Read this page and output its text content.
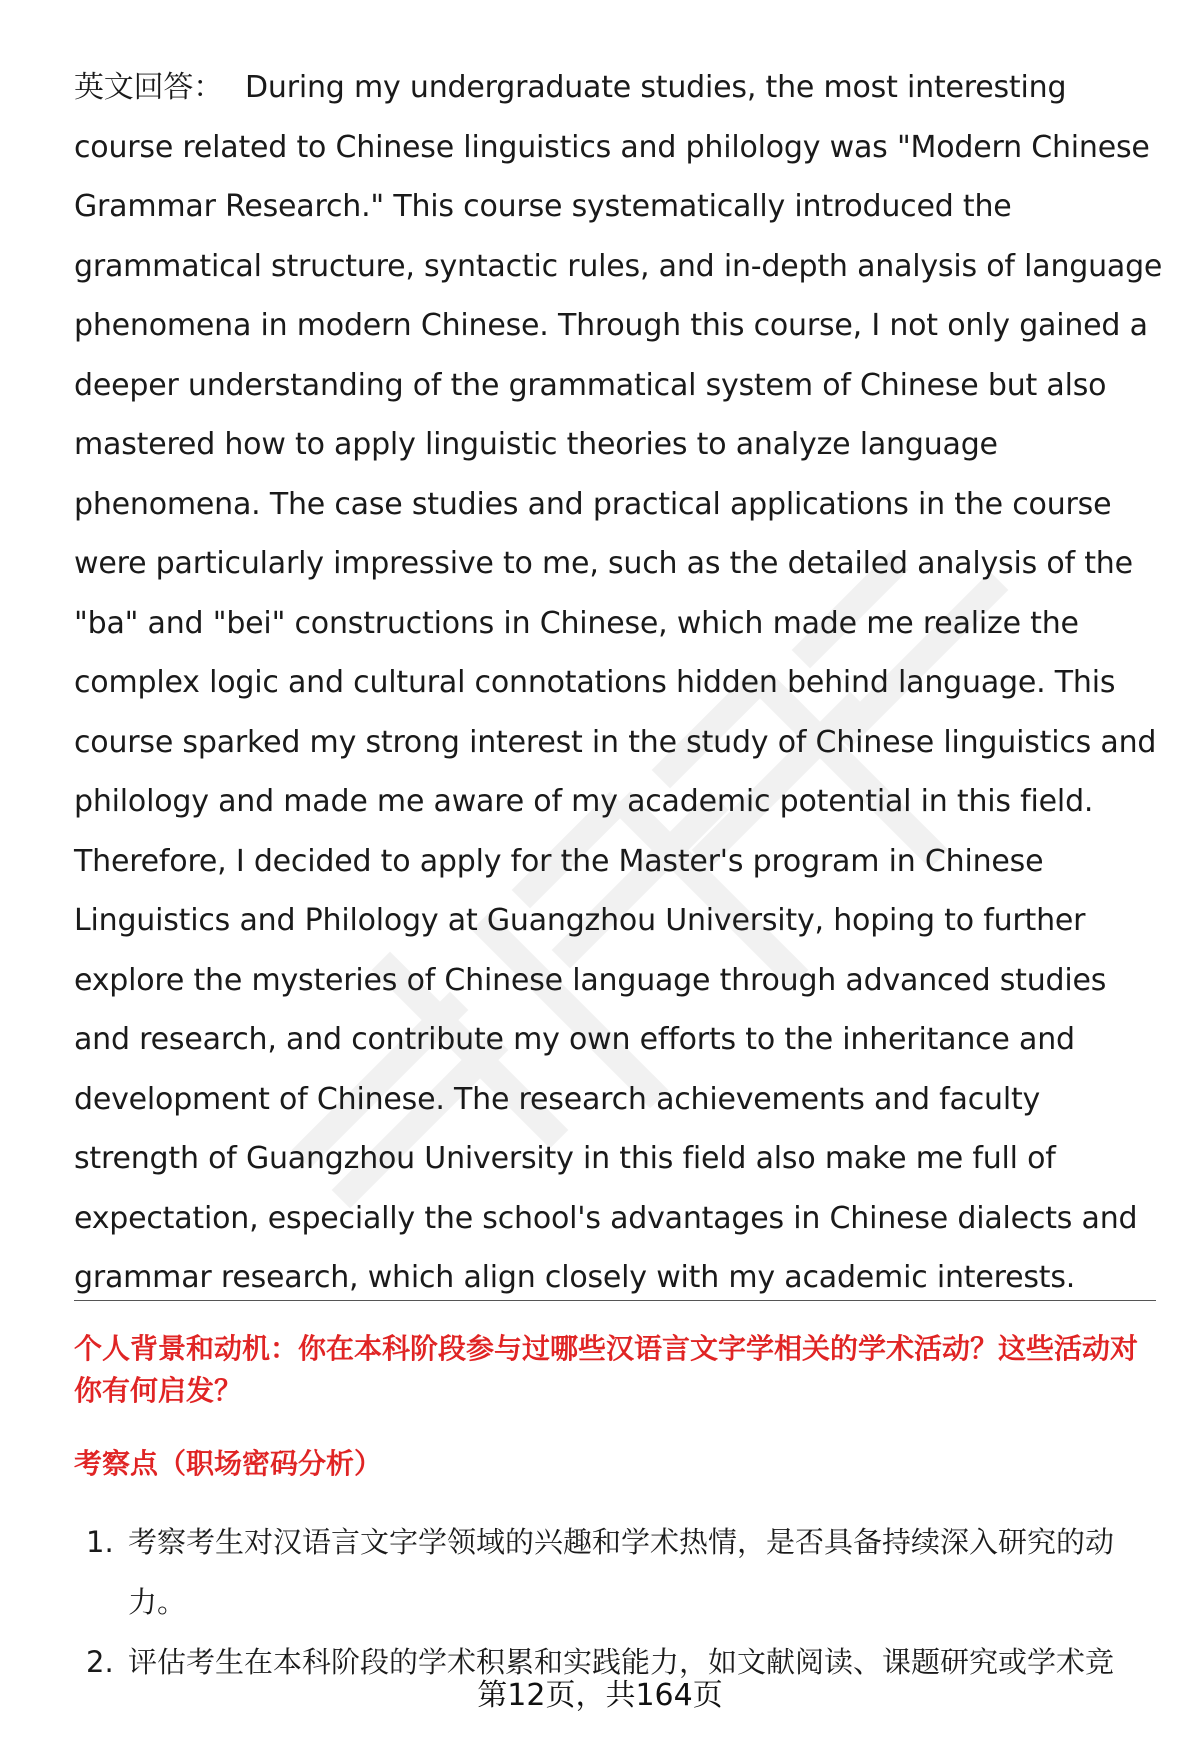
英文回答： During my undergraduate studies, the most interesting course related to Chinese linguistics and philology was "Modern Chinese Grammar Research." This course systematically introduced the grammatical structure, syntactic rules, and in-depth analysis of language phenomena in modern Chinese. Through this course, I not only gained a deeper understanding of the grammatical system of Chinese but also mastered how to apply linguistic theories to analyze language phenomena. The case studies and practical applications in the course were particularly impressive to me, such as the detailed analysis of the "ba" and "bei" constructions in Chinese, which made me realize the complex logic and cultural connotations hidden behind language. This course sparked my strong interest in the study of Chinese linguistics and philology and made me aware of my academic potential in this field. Therefore, I decided to apply for the Master's program in Chinese Linguistics and Philology at Guangzhou University, hoping to further explore the mysteries of Chinese language through advanced studies and research, and contribute my own efforts to the inheritance and development of Chinese. The research achievements and faculty strength of Guangzhou University in this field also make me full of expectation, especially the school's advantages in Chinese dialects and grammar research, which align closely with my academic interests.

个人背景和动机：你在本科阶段参与过哪些汉语言文字学相关的学术活动？这些活动对你有何启发？

考察点（职场密码分析）

1. 考察考生对汉语言文字学领域的兴趣和学术热情，是否具备持续深入研究的动力。
2. 评估考生在本科阶段的学术积累和实践能力，如文献阅读、课题研究或学术竞
第12页，共164页
